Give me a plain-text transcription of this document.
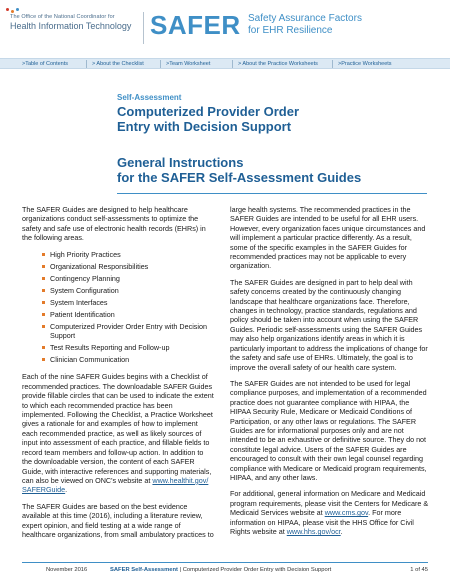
The Office of the National Coordinator for
Health Information Technology SAFER Safety Assurance Factors
for EHR Resilience
>Table of Contents	> About the Checklist	>Team Worksheet	> About the Practice Worksheets	>Practice Worksheets
Self-Assessment
Computerized Provider Order
Entry with Decision Support
General Instructions
for the SAFER Self-Assessment Guides

The SAFER Guides are designed to help healthcare organizations conduct self-assessments to optimize the safety and safe use of electronic health records (EHRs) in the following areas.

High Priority Practices
Organizational Responsibilities
Contingency Planning
System Configuration
System Interfaces
Patient Identification
Computerized Provider Order Entry with Decision Support
Test Results Reporting and Follow-up
Clinician Communication

Each of the nine SAFER Guides begins with a Checklist of recommended practices. The downloadable SAFER Guides provide fillable circles that can be used to indicate the extent to which each recommended practice has been implemented. Following the Checklist, a Practice Worksheet gives a rationale for and examples of how to implement each recommended practice, as well as likely sources of input into assessment of each practice, and fillable fields to record team members and follow-up action. In addition to the downloadable version, the content of each SAFER Guide, with interactive references and supporting materials, can also be viewed on ONC's website at www.healthit.gov/ SAFERGuide.

The SAFER Guides are based on the best evidence available at this time (2016), including a literature review, expert opinion, and field testing at a wide range of healthcare organizations, from small ambulatory practices to

large health systems. The recommended practices in the SAFER Guides are intended to be useful for all EHR users. However, every organization faces unique circumstances and will implement a particular practice differently. As a result, some of the specific examples in the SAFER Guides for recommended practices may not be applicable to every organization.

The SAFER Guides are designed in part to help deal with safety concerns created by the continuously changing landscape that healthcare organizations face. Therefore, changes in technology, practice standards, regulations and policy should be taken into account when using the SAFER Guides. Periodic self-assessments using the SAFER Guides may also help organizations identify areas in which it is particularly important to address the implications of change for the safety and safe use of EHRs. Ultimately, the goal is to improve the overall safety of our health care system.

The SAFER Guides are not intended to be used for legal compliance purposes, and implementation of a recommended practice does not guarantee compliance with HIPAA, the HIPAA Security Rule, Medicare or Medicaid Conditions of Participation, or any other laws or regulations. The SAFER Guides are for informational purposes only and are not intended to be an exhaustive or definitive source. They do not constitute legal advice. Users of the SAFER Guides are encouraged to consult with their own legal counsel regarding compliance with Medicare or Medicaid program requirements, HIPAA, and any other laws.

For additional, general information on Medicare and Medicaid program requirements, please visit the Centers for Medicare & Medicaid Services website at www.cms.gov. For more information on HIPAA, please visit the HHS Office for Civil Rights website at www.hhs.gov/ocr.

November 2016	SAFER Self-Assessment | Computerized Provider Order Entry with Decision Support	1 of 45
